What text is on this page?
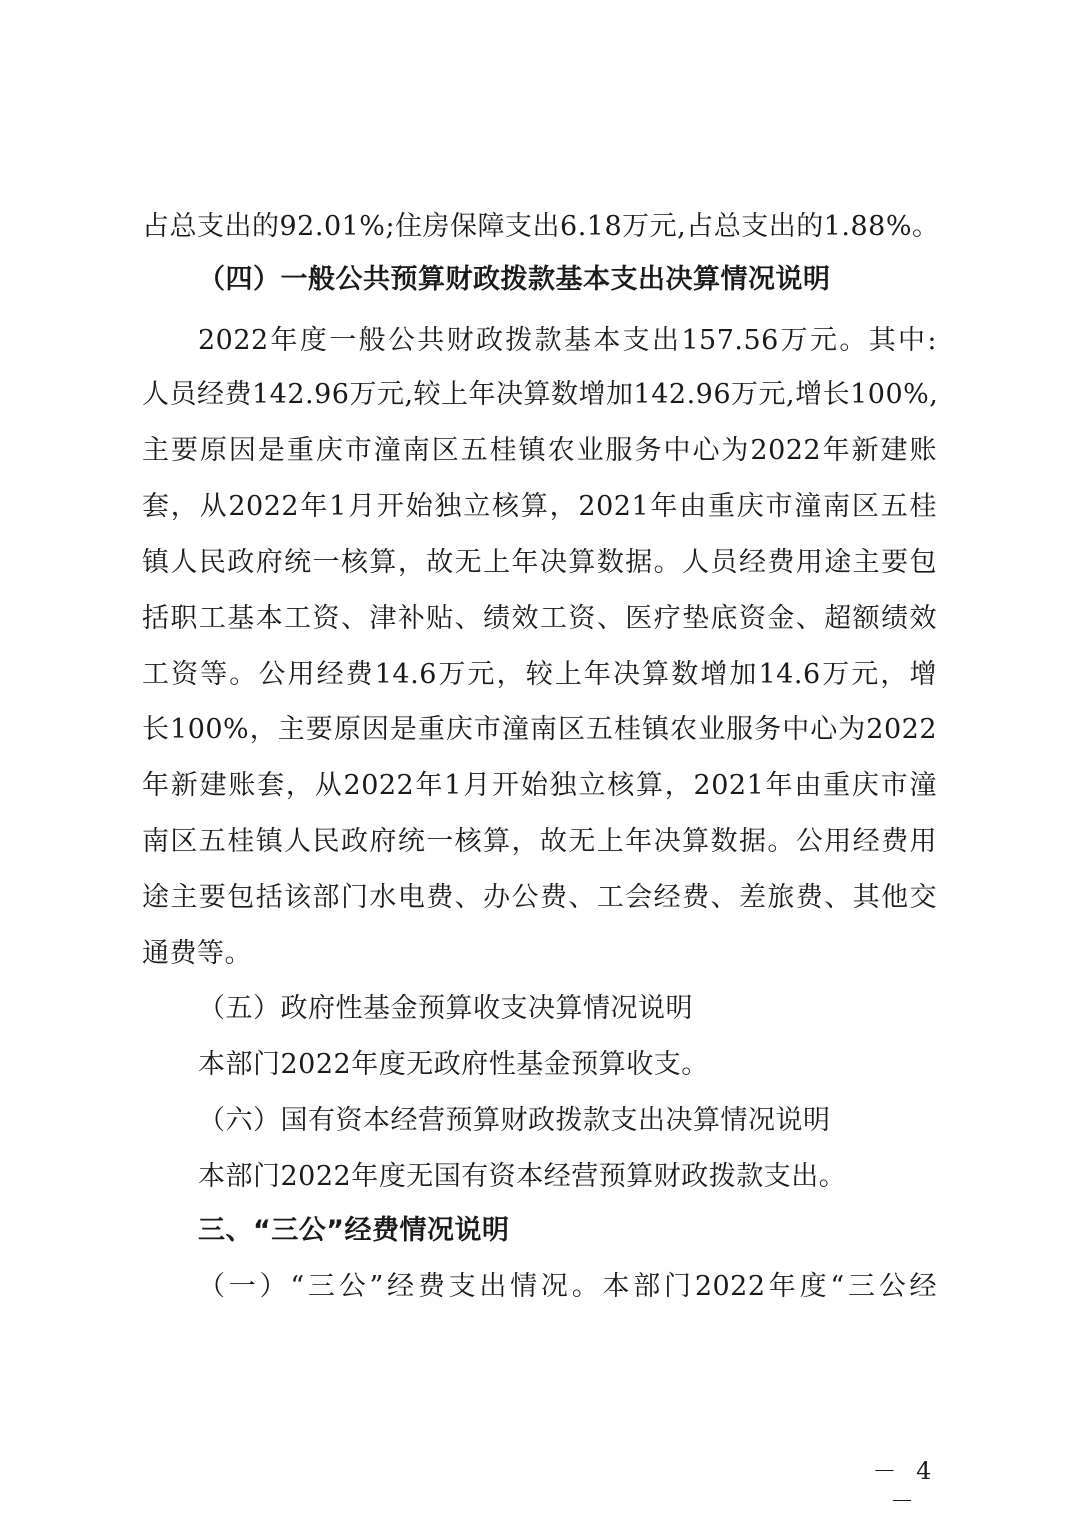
占总支出的92.01%;住房保障支出6.18万元,占总支出的1.88%。
（四）一般公共预算财政拨款基本支出决算情况说明
2022年度一般公共财政拨款基本支出157.56万元。其中:
人员经费142.96万元,较上年决算数增加142.96万元,增长100%,
主要原因是重庆市潼南区五桂镇农业服务中心为2022年新建账
套，从2022年1月开始独立核算，2021年由重庆市潼南区五桂
镇人民政府统一核算，故无上年决算数据。人员经费用途主要包
括职工基本工资、津补贴、绩效工资、医疗垫底资金、超额绩效
工资等。公用经费14.6万元，较上年决算数增加14.6万元，增
长100%，主要原因是重庆市潼南区五桂镇农业服务中心为2022
年新建账套，从2022年1月开始独立核算，2021年由重庆市潼
南区五桂镇人民政府统一核算，故无上年决算数据。公用经费用
途主要包括该部门水电费、办公费、工会经费、差旅费、其他交
通费等。
（五）政府性基金预算收支决算情况说明
本部门2022年度无政府性基金预算收支。
（六）国有资本经营预算财政拨款支出决算情况说明
本部门2022年度无国有资本经营预算财政拨款支出。
三、“三公”经费情况说明
（一）“三公”经费支出情况。本部门2022年度“三公经
－ 4 －
